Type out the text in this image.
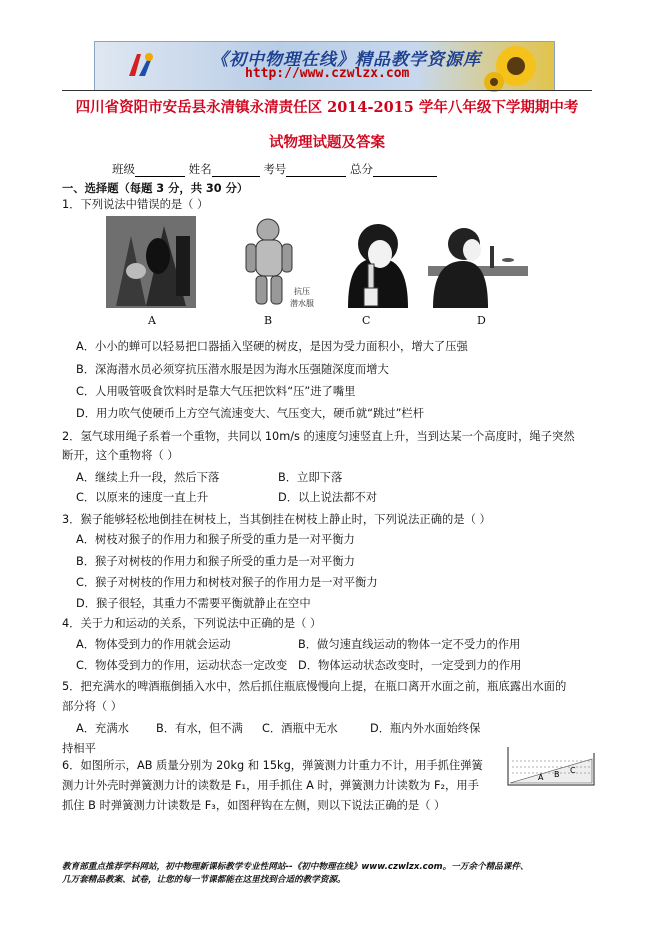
《初中物理在线》精品教学资源库
http://www.czwlzx.com
四川省资阳市安岳县永清镇永清责任区 2014-2015 学年八年级下学期期中考
试物理试题及答案
班级	姓名	考号	总分
一、选择题（每题 3 分，共 30 分）
1．下列说法中错误的是（ ）
抗压
潜水服
A	B	C	D
A．小小的蝉可以轻易把口器插入坚硬的树皮，是因为受力面积小，增大了压强
B．深海潜水员必须穿抗压潜水服是因为海水压强随深度而增大
C．人用吸管吸食饮料时是靠大气压把饮料“压”进了嘴里
D．用力吹气使硬币上方空气流速变大、气压变大，硬币就“跳过”栏杆
2．氢气球用绳子系着一个重物，共同以 10m/s 的速度匀速竖直上升，当到达某一个高度时，绳子突然
断开，这个重物将（ ）
A．继续上升一段，然后下落	B．立即下落
C．以原来的速度一直上升	D．以上说法都不对
3．猴子能够轻松地倒挂在树枝上，当其倒挂在树枝上静止时，下列说法正确的是（ ）
A．树枝对猴子的作用力和猴子所受的重力是一对平衡力
B．猴子对树枝的作用力和猴子所受的重力是一对平衡力
C．猴子对树枝的作用力和树枝对猴子的作用力是一对平衡力
D．猴子很轻，其重力不需要平衡就静止在空中
4．关于力和运动的关系，下列说法中正确的是（ ）
A．物体受到力的作用就会运动	B．做匀速直线运动的物体一定不受力的作用
C．物体受到力的作用，运动状态一定改变 D．物体运动状态改变时，一定受到力的作用
5．把充满水的啤酒瓶倒插入水中，然后抓住瓶底慢慢向上提，在瓶口离开水面之前，瓶底露出水面的
部分将（ ）
A．充满水 B．有水，但不满 C．酒瓶中无水	D．瓶内外水面始终保
持相平
6．如图所示，AB 质量分别为 20kg 和 15kg，弹簧测力计重力不计，用手抓住弹簧
测力计外壳时弹簧测力计的读数是 F₁，用手抓住 A 时，弹簧测力计读数为 F₂，用手
抓住 B 时弹簧测力计读数是 F₃，如图秤钩在左侧，则以下说法正确的是（ ）
A B C
教育部重点推荐学科网站，初中物理新课标教学专业性网站--《初中物理在线》www.czwlzx.com。一万余个精品课件、
几万套精品教案、试卷，让您的每一节课都能在这里找到合适的教学资源。
